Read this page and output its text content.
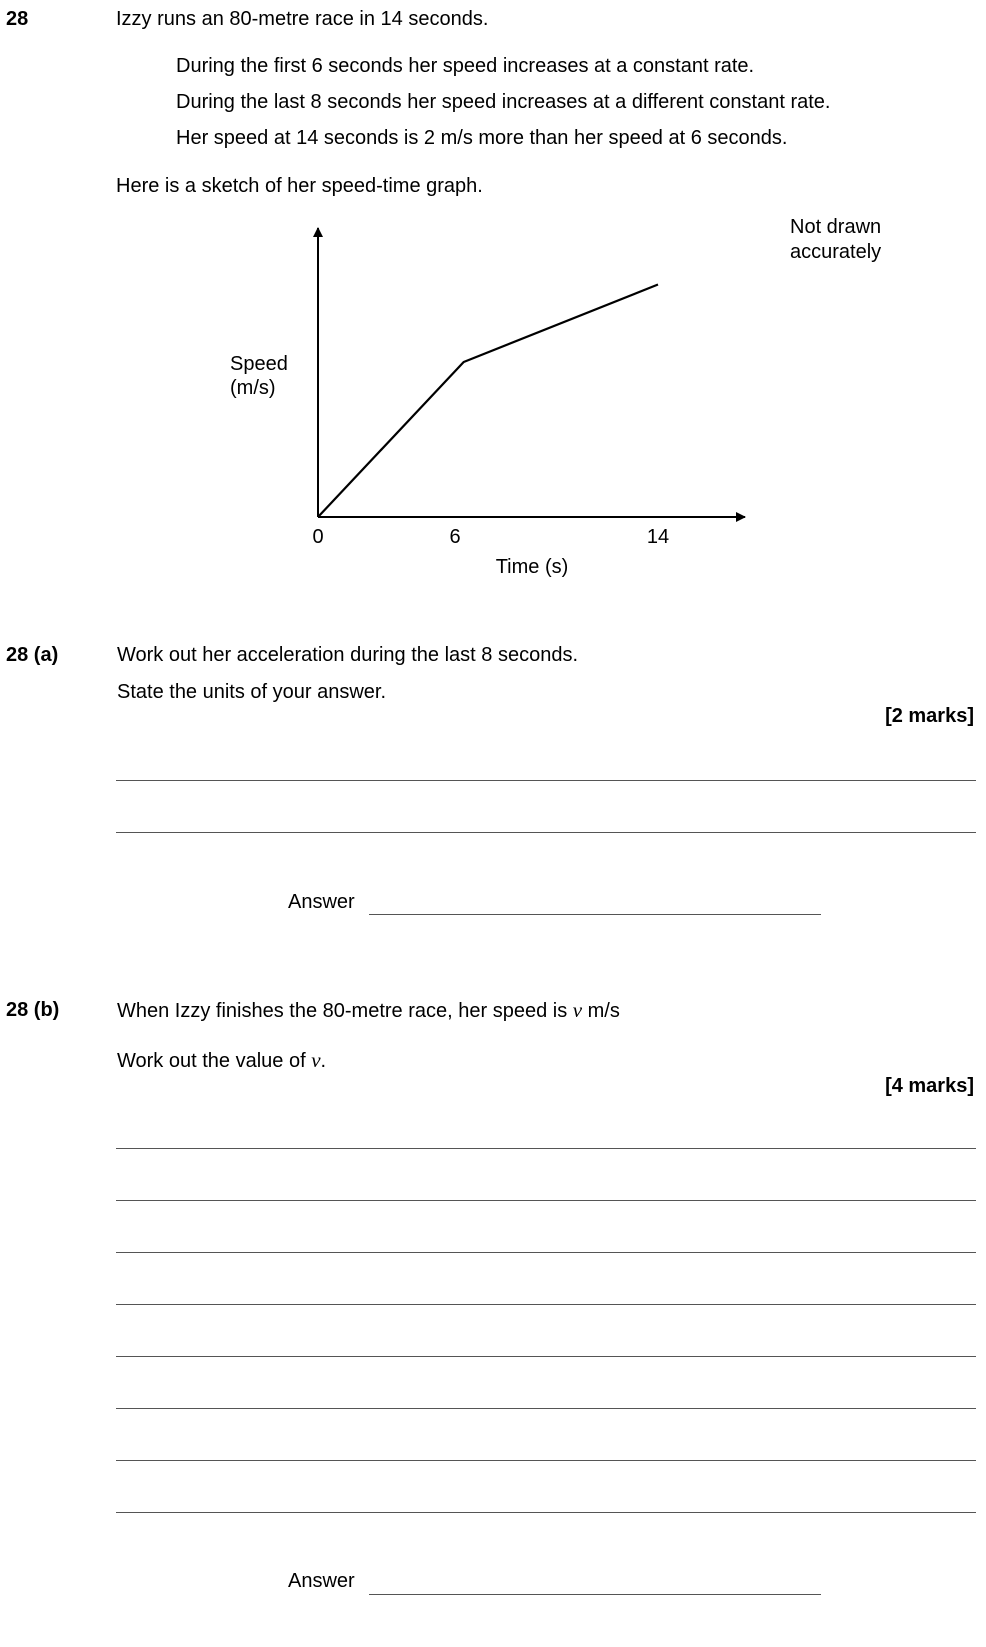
28	Izzy runs an 80-metre race in 14 seconds.
During the first 6 seconds her speed increases at a constant rate.
During the last 8 seconds her speed increases at a different constant rate.
Her speed at 14 seconds is 2 m/s more than her speed at 6 seconds.
Here is a sketch of her speed-time graph.
Not drawn
accurately
Speed
(m/s)
0	6	14
Time (s)
28 (a)	Work out her acceleration during the last 8 seconds.
State the units of your answer.
[2 marks]
Answer
28 (b)	When Izzy finishes the 80-metre race, her speed is v m/s
Work out the value of v.
[4 marks]
Answer
